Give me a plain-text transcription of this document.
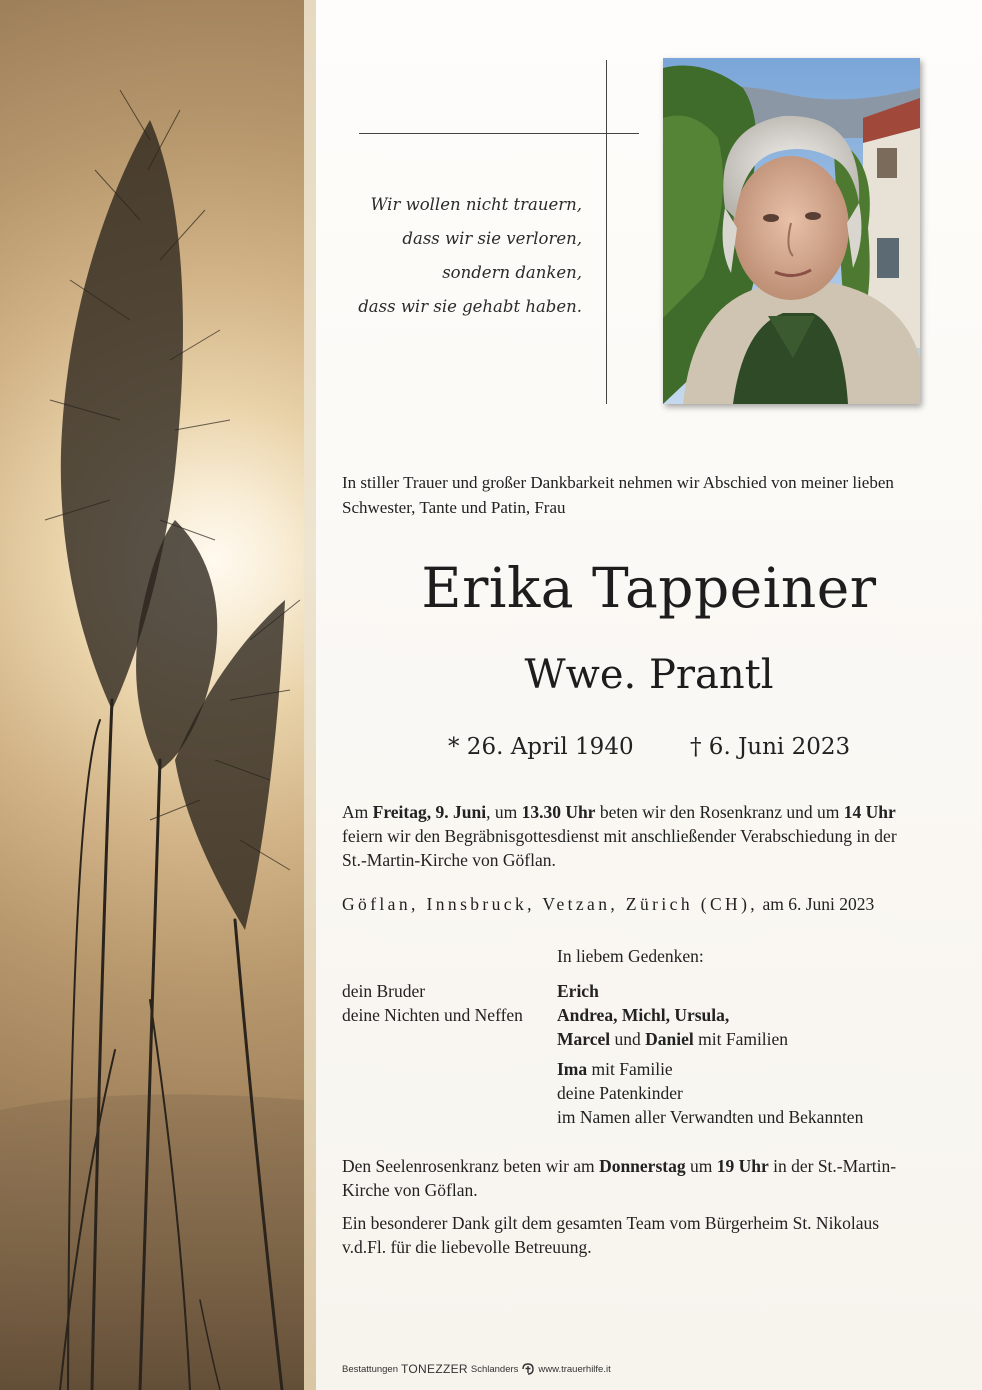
Wir wollen nicht trauern,
dass wir sie verloren,
sondern danken,
dass wir sie gehabt haben.
In stiller Trauer und großer Dankbarkeit nehmen wir Abschied von meiner lieben Schwester, Tante und Patin, Frau
Erika Tappeiner
Wwe. Prantl
* 26. April 1940 † 6. Juni 2023
Am Freitag, 9. Juni, um 13.30 Uhr beten wir den Rosenkranz und um 14 Uhr feiern wir den Begräbnisgottesdienst mit anschließender Verabschiedung in der St.-Martin-Kirche von Göflan.
Göflan, Innsbruck, Vetzan, Zürich (CH), am 6. Juni 2023
In liebem Gedenken:
dein Bruder
deine Nichten und Neffen
Erich
Andrea, Michl, Ursula,
Marcel und Daniel mit Familien
Ima mit Familie
deine Patenkinder
im Namen aller Verwandten und Bekannten
Den Seelenrosenkranz beten wir am Donnerstag um 19 Uhr in der St.-Martin-Kirche von Göflan.
Ein besonderer Dank gilt dem gesamten Team vom Bürgerheim St. Nikolaus v.d.Fl. für die liebevolle Betreuung.
Bestattungen TONEZZER Schlanders www.trauerhilfe.it
